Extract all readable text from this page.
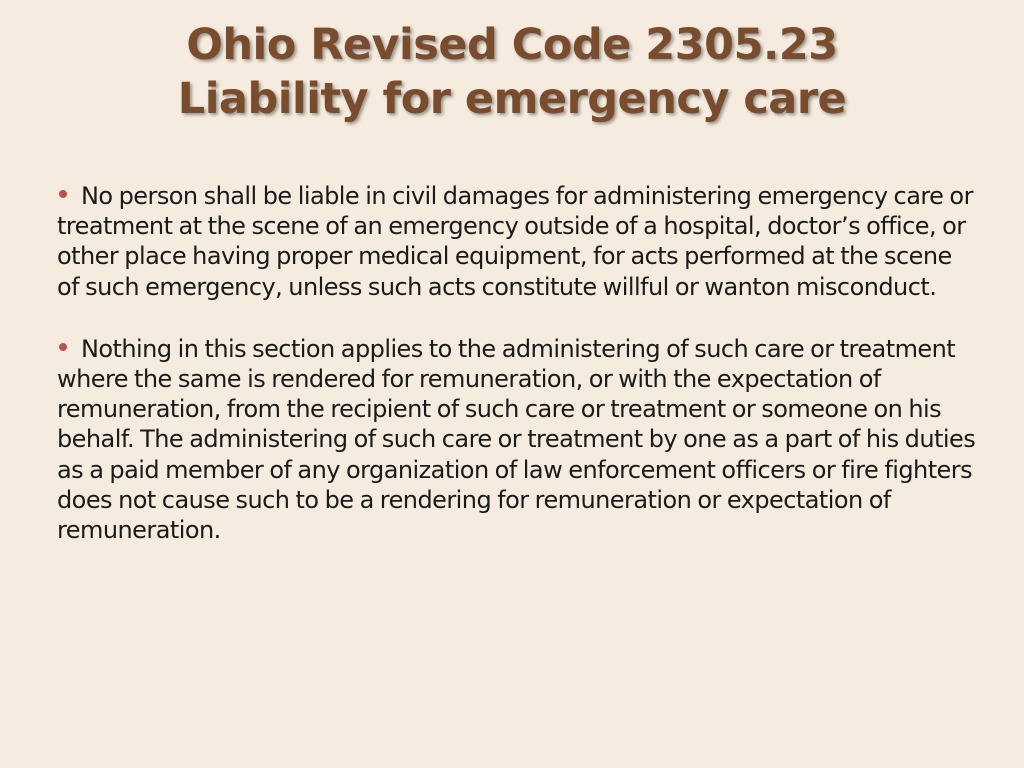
Ohio Revised Code 2305.23
Liability for emergency care
No person shall be liable in civil damages for administering emergency care or treatment at the scene of an emergency outside of a hospital, doctor’s office, or other place having proper medical equipment, for acts performed at the scene of such emergency, unless such acts constitute willful or wanton misconduct.
Nothing in this section applies to the administering of such care or treatment where the same is rendered for remuneration, or with the expectation of remuneration, from the recipient of such care or treatment or someone on his behalf. The administering of such care or treatment by one as a part of his duties as a paid member of any organization of law enforcement officers or fire fighters does not cause such to be a rendering for remuneration or expectation of remuneration.
